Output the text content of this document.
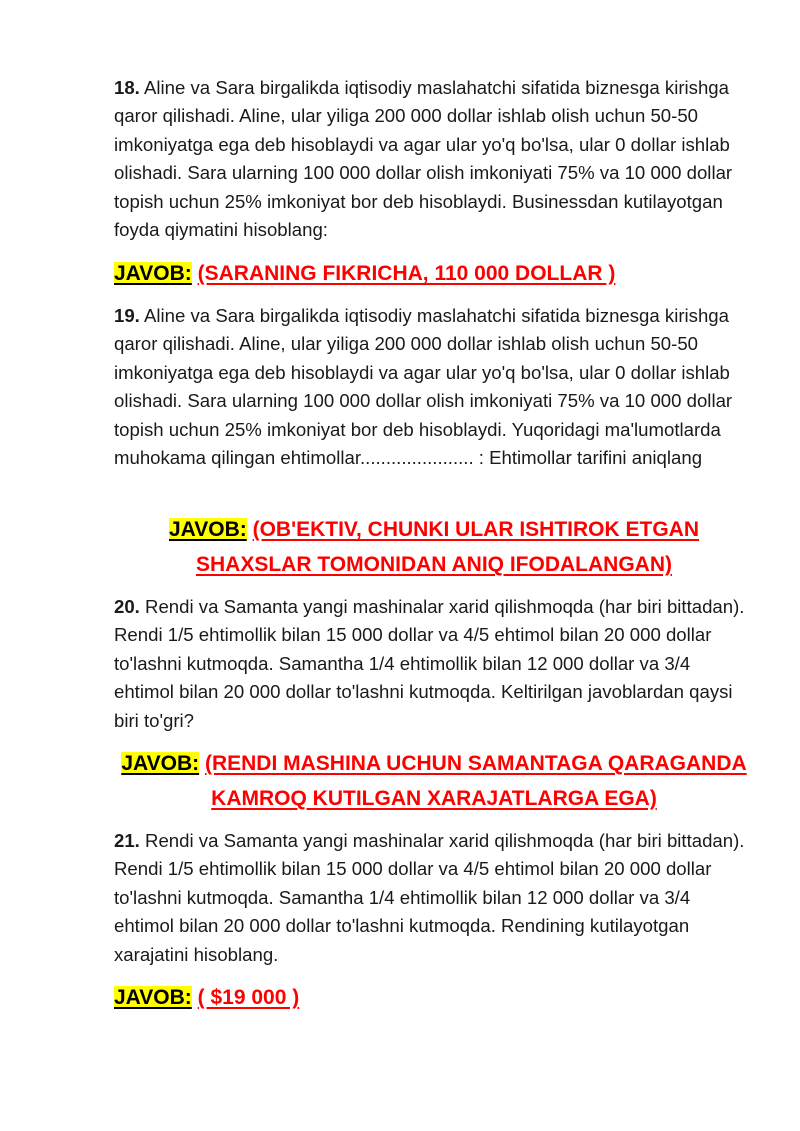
18. Aline va Sara birgalikda iqtisodiy maslahatchi sifatida biznesga kirishga qaror qilishadi. Aline, ular yiliga 200 000 dollar ishlab olish uchun 50-50 imkoniyatga ega deb hisoblaydi va agar ular yo'q bo'lsa, ular 0 dollar ishlab olishadi. Sara ularning 100 000 dollar olish imkoniyati 75% va 10 000 dollar topish uchun 25% imkoniyat bor deb hisoblaydi. Businessdan kutilayotgan foyda qiymatini hisoblang:

JAVOB: (SARANING FIKRICHA, 110 000 DOLLAR )

19. Aline va Sara birgalikda iqtisodiy maslahatchi sifatida biznesga kirishga qaror qilishadi. Aline, ular yiliga 200 000 dollar ishlab olish uchun 50-50 imkoniyatga ega deb hisoblaydi va agar ular yo'q bo'lsa, ular 0 dollar ishlab olishadi. Sara ularning 100 000 dollar olish imkoniyati 75% va 10 000 dollar topish uchun 25% imkoniyat bor deb hisoblaydi. Yuqoridagi ma'lumotlarda muhokama qilingan ehtimollar...................... : Ehtimollar tarifini aniqlang

JAVOB: (OB'EKTIV, CHUNKI ULAR ISHTIROK ETGAN SHAXSLAR TOMONIDAN ANIQ IFODALANGAN)

20. Rendi va Samanta yangi mashinalar xarid qilishmoqda (har biri bittadan). Rendi 1/5 ehtimollik bilan 15 000 dollar va 4/5 ehtimol bilan 20 000 dollar to'lashni kutmoqda. Samantha 1/4 ehtimollik bilan 12 000 dollar va 3/4 ehtimol bilan 20 000 dollar to'lashni kutmoqda. Keltirilgan javoblardan qaysi biri to'gri?

JAVOB: (RENDI MASHINA UCHUN SAMANTAGA QARAGANDA KAMROQ KUTILGAN XARAJATLARGA EGA)

21. Rendi va Samanta yangi mashinalar xarid qilishmoqda (har biri bittadan). Rendi 1/5 ehtimollik bilan 15 000 dollar va 4/5 ehtimol bilan 20 000 dollar to'lashni kutmoqda. Samantha 1/4 ehtimollik bilan 12 000 dollar va 3/4 ehtimol bilan 20 000 dollar to'lashni kutmoqda. Rendining kutilayotgan xarajatini hisoblang.

JAVOB: ( $19 000 )
